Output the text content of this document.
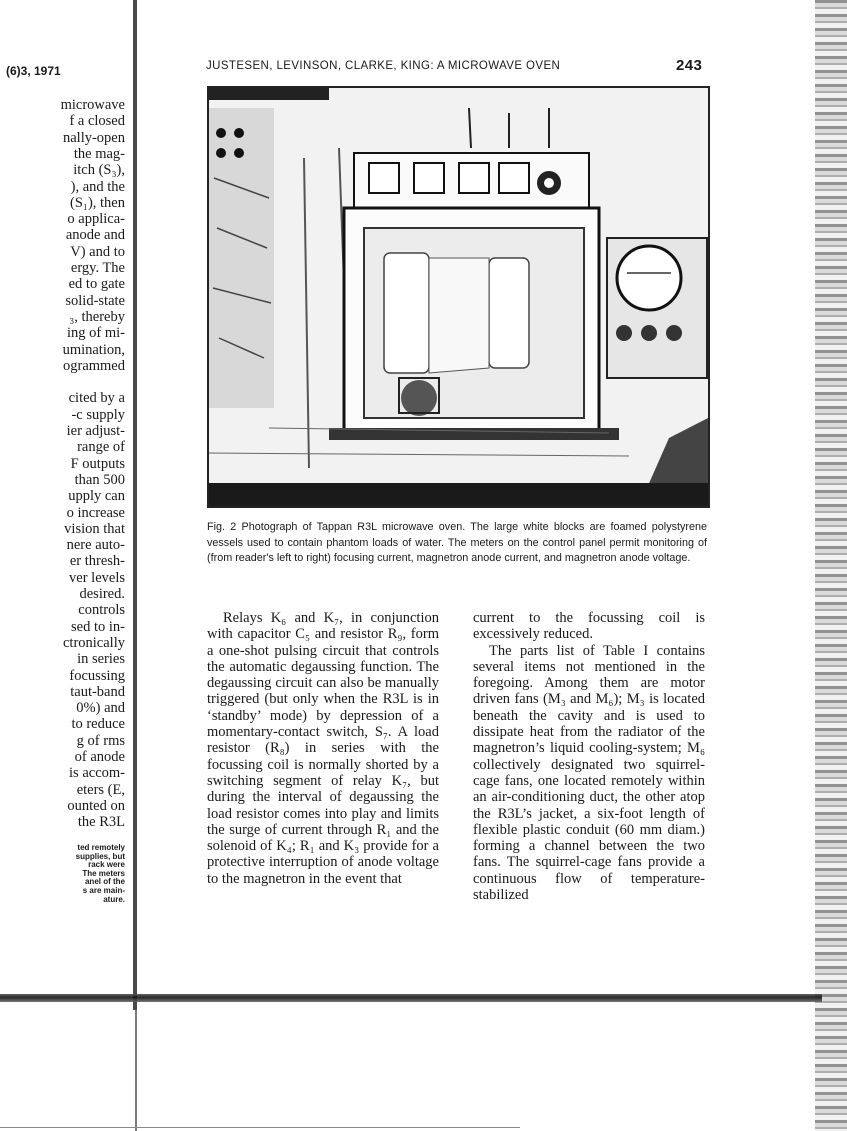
(6)3, 1971
microwave
f a closed
nally-open
the mag-
itch (S₃),
), and the
(S₁), then
o applica-
anode and
V) and to
ergy. The
ed to gate
solid-state
₃, thereby
ing of mi-
umination,
ogrammed
cited by a
-c supply
ier adjust-
range of
F outputs
than 500
upply can
o increase
vision that
nere auto-
er thresh-
ver levels
desired.
controls
sed to in-
ctronically
in series
focussing
taut-band
0%) and
to reduce
g of rms
of anode
is accom-
eters (E,
ounted on
the R3L
ted remotely
supplies, but
rack were
The meters
anel of the
s are main-
ature.
JUSTESEN, LEVINSON, CLARKE, KING: A MICROWAVE OVEN	243
Fig. 2 Photograph of Tappan R3L microwave oven. The large white blocks are foamed polystyrene vessels used to contain phantom loads of water. The meters on the control panel permit monitoring of (from reader's left to right) focusing current, magnetron anode current, and magnetron anode voltage.

Relays K₆ and K₇, in conjunction with capacitor C₅ and resistor R₉, form a one-shot pulsing circuit that controls the automatic degaussing function. The degaussing circuit can also be manually triggered (but only when the R3L is in ‘standby’ mode) by depression of a momentary-contact switch, S₇. A load resistor (R₈) in series with the focussing coil is normally shorted by a switching segment of relay K₇, but during the interval of degaussing the load resistor comes into play and limits the surge of current through R₁ and the solenoid of K₄; R₁ and K₃ provide for a protective interruption of anode voltage to the magnetron in the event that

current to the focussing coil is excessively reduced.

The parts list of Table I contains several items not mentioned in the foregoing. Among them are motor driven fans (M₃ and M₆); M₃ is located beneath the cavity and is used to dissipate heat from the radiator of the magnetron’s liquid cooling-system; M₆ collectively designated two squirrel-cage fans, one located remotely within an air-conditioning duct, the other atop the R3L’s jacket, a six-foot length of flexible plastic conduit (60 mm diam.) forming a channel between the two fans. The squirrel-cage fans provide a continuous flow of temperature-stabilized
